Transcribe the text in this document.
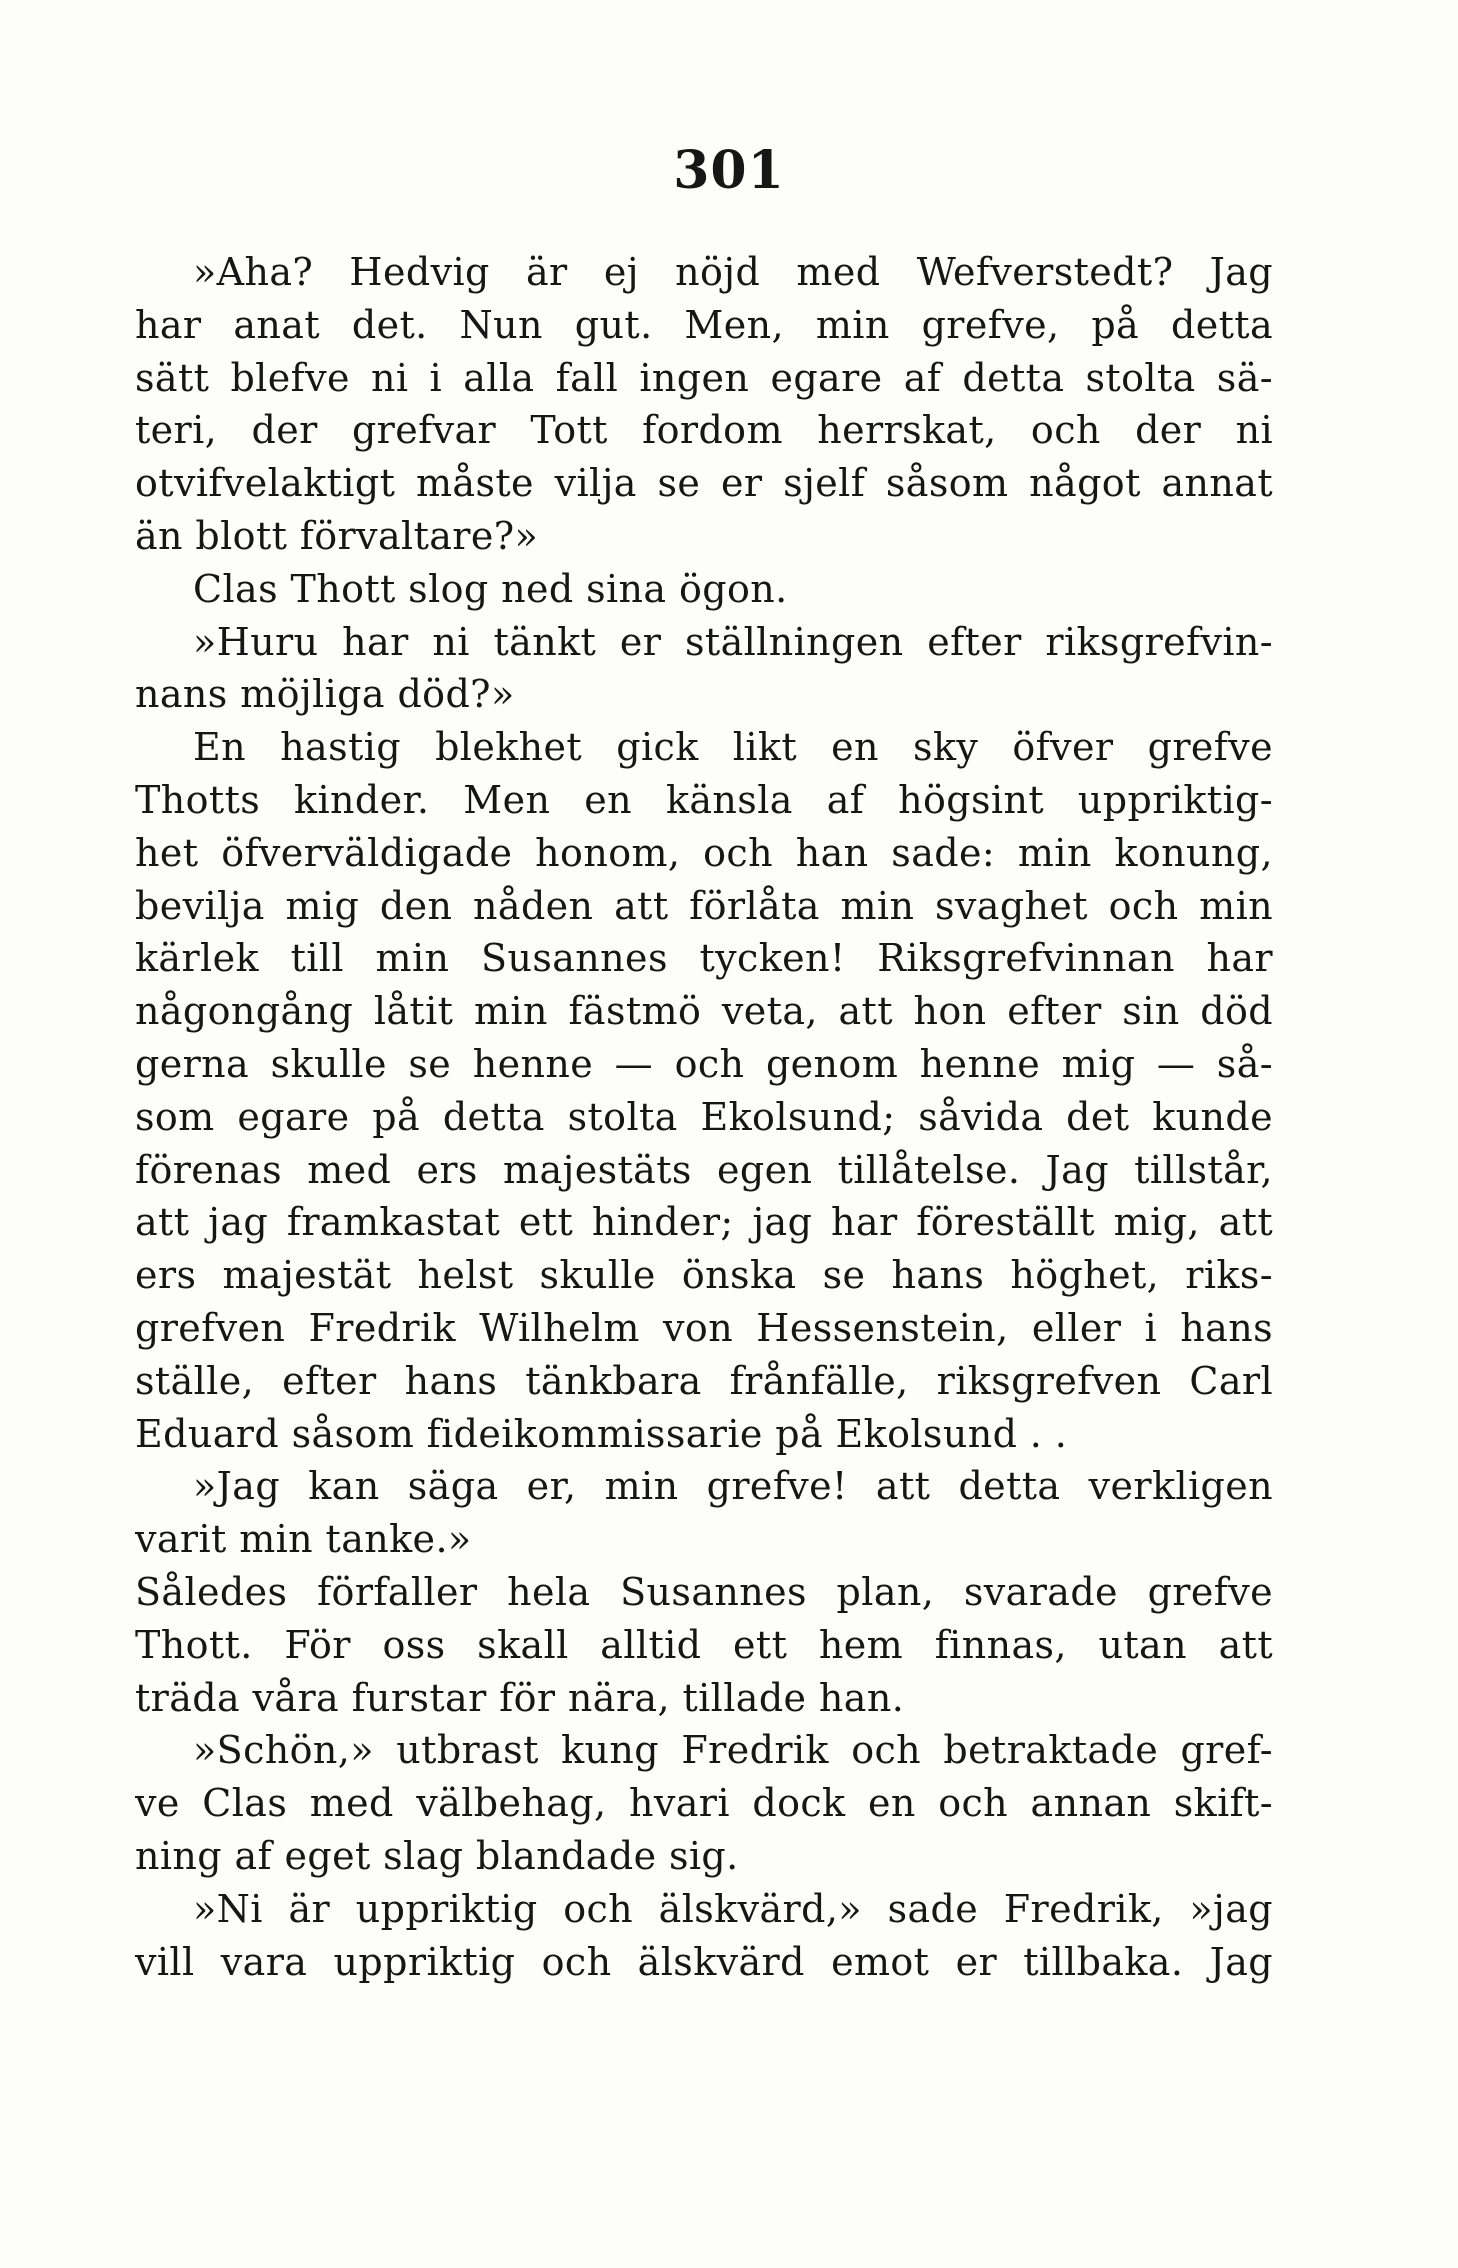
301
»Aha? Hedvig är ej nöjd med Wefverstedt? Jag
har anat det. Nun gut. Men, min grefve, på detta
sätt blefve ni i alla fall ingen egare af detta stolta sä-
teri, der grefvar Tott fordom herrskat, och der ni
otvifvelaktigt måste vilja se er sjelf såsom något annat
än blott förvaltare?»
Clas Thott slog ned sina ögon.
»Huru har ni tänkt er ställningen efter riksgrefvin-
nans möjliga död?»
En hastig blekhet gick likt en sky öfver grefve
Thotts kinder. Men en känsla af högsint uppriktig-
het öfverväldigade honom, och han sade: min konung,
bevilja mig den nåden att förlåta min svaghet och min
kärlek till min Susannes tycken! Riksgrefvinnan har
någongång låtit min fästmö veta, att hon efter sin död
gerna skulle se henne — och genom henne mig — så-
som egare på detta stolta Ekolsund; såvida det kunde
förenas med ers majestäts egen tillåtelse. Jag tillstår,
att jag framkastat ett hinder; jag har föreställt mig, att
ers majestät helst skulle önska se hans höghet, riks-
grefven Fredrik Wilhelm von Hessenstein, eller i hans
ställe, efter hans tänkbara frånfälle, riksgrefven Carl
Eduard såsom fideikommissarie på Ekolsund . .
»Jag kan säga er, min grefve! att detta verkligen
varit min tanke.»
Således förfaller hela Susannes plan, svarade grefve
Thott. För oss skall alltid ett hem finnas, utan att
träda våra furstar för nära, tillade han.
»Schön,» utbrast kung Fredrik och betraktade gref-
ve Clas med välbehag, hvari dock en och annan skift-
ning af eget slag blandade sig.
»Ni är uppriktig och älskvärd,» sade Fredrik, »jag
vill vara uppriktig och älskvärd emot er tillbaka. Jag
